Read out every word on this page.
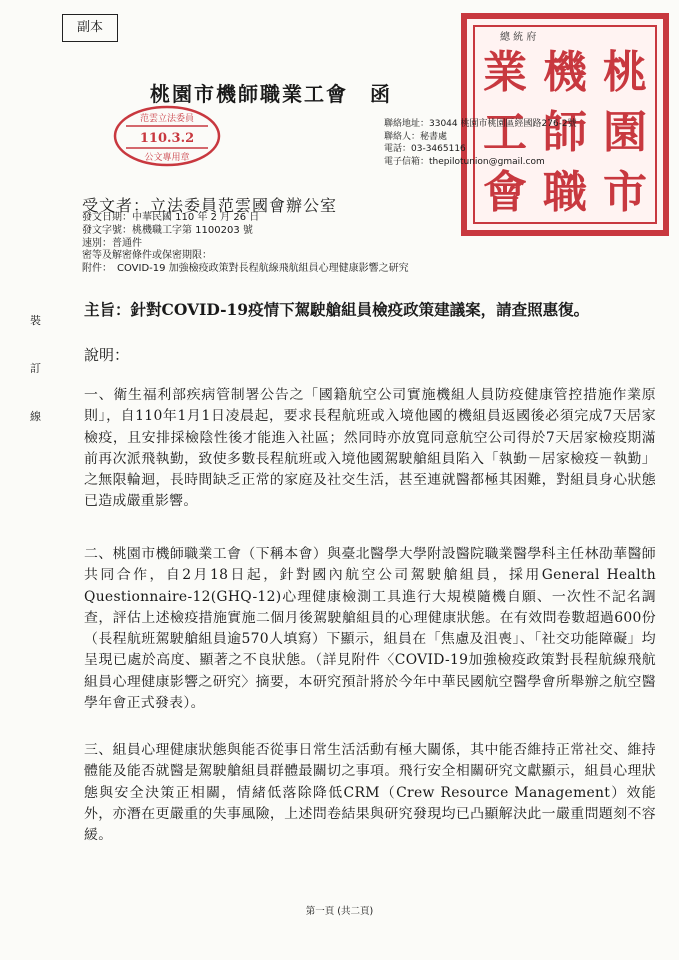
副本
桃園市機師職業工會　函
范雲立法委員
110.3.2
公文專用章
總 統 府
桃
園
市
機
師
職
業
工
會
聯絡地址：33044 桃園市桃園區經國路276-2號
聯絡人：秘書處
電話：03-3465116
電子信箱：thepilotunion@gmail.com
受文者：立法委員范雲國會辦公室
發文日期：中華民國 110 年 2 月 26 日
發文字號：桃機職工字第 1100203 號
速別：普通件
密等及解密條件或保密期限：
附件：　COVID-19 加強檢疫政策對長程航線飛航組員心理健康影響之研究
主旨：針對COVID-19疫情下駕駛艙組員檢疫政策建議案，請查照惠復。
裝
訂
線
說明：
一、衛生福利部疾病管制署公告之「國籍航空公司實施機組人員防疫健康管控措施作業原則」，自110年1月1日凌晨起，要求長程航班或入境他國的機組員返國後必須完成7天居家檢疫，且安排採檢陰性後才能進入社區；然同時亦放寬同意航空公司得於7天居家檢疫期滿前再次派飛執勤，致使多數長程航班或入境他國駕駛艙組員陷入「執勤－居家檢疫－執勤」之無限輪迴，長時間缺乏正常的家庭及社交生活，甚至連就醫都極其困難，對組員身心狀態已造成嚴重影響。
二、桃園市機師職業工會（下稱本會）與臺北醫學大學附設醫院職業醫學科主任林劭華醫師共同合作，自2月18日起，針對國內航空公司駕駛艙組員，採用General Health Questionnaire-12(GHQ-12)心理健康檢測工具進行大規模隨機自願、一次性不記名調查，評估上述檢疫措施實施二個月後駕駛艙組員的心理健康狀態。在有效問卷數超過600份（長程航班駕駛艙組員逾570人填寫）下顯示，組員在「焦慮及沮喪」、「社交功能障礙」均呈現已處於高度、顯著之不良狀態。（詳見附件〈COVID-19加強檢疫政策對長程航線飛航組員心理健康影響之研究〉摘要，本研究預計將於今年中華民國航空醫學會所舉辦之航空醫學年會正式發表）。
三、組員心理健康狀態與能否從事日常生活活動有極大關係，其中能否維持正常社交、維持體能及能否就醫是駕駛艙組員群體最關切之事項。飛行安全相關研究文獻顯示，組員心理狀態與安全決策正相關，情緒低落除降低CRM（Crew Resource Management）效能外，亦潛在更嚴重的失事風險，上述問卷結果與研究發現均已凸顯解決此一嚴重問題刻不容緩。
第一頁 (共二頁)
